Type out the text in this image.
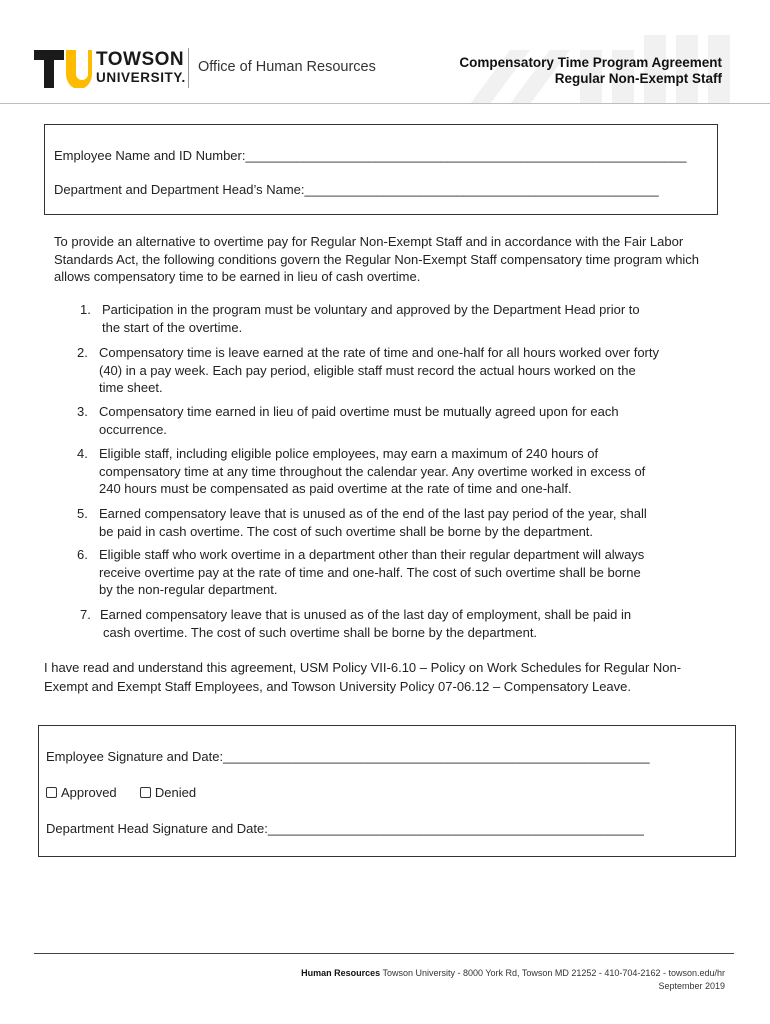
TOWSON
UNIVERSITY.
Office of Human Resources	Compensatory Time Program Agreement
Regular Non-Exempt Staff
Employee Name and ID Number:_____________________________________________________________
Department and Department Head’s Name:_________________________________________________
To provide an alternative to overtime pay for Regular Non-Exempt Staff and in accordance with the Fair Labor Standards Act, the following conditions govern the Regular Non-Exempt Staff compensatory time program which allows compensatory time to be earned in lieu of cash overtime.
1. Participation in the program must be voluntary and approved by the Department Head prior to
the start of the overtime.
2. Compensatory time is leave earned at the rate of time and one-half for all hours worked over forty
(40) in a pay week. Each pay period, eligible staff must record the actual hours worked on the
time sheet.
3. Compensatory time earned in lieu of paid overtime must be mutually agreed upon for each
occurrence.
4. Eligible staff, including eligible police employees, may earn a maximum of 240 hours of
compensatory time at any time throughout the calendar year. Any overtime worked in excess of
240 hours must be compensated as paid overtime at the rate of time and one-half.
5. Earned compensatory leave that is unused as of the end of the last pay period of the year, shall
be paid in cash overtime. The cost of such overtime shall be borne by the department.
6. Eligible staff who work overtime in a department other than their regular department will always
receive overtime pay at the rate of time and one-half. The cost of such overtime shall be borne
by the non-regular department.
7. Earned compensatory leave that is unused as of the last day of employment, shall be paid in
cash overtime. The cost of such overtime shall be borne by the department.
I have read and understand this agreement, USM Policy VII-6.10 – Policy on Work Schedules for Regular Non-Exempt and Exempt Staff Employees, and Towson University Policy 07-06.12 – Compensatory Leave.
Employee Signature and Date:___________________________________________________________
Approved	Denied
Department Head Signature and Date:____________________________________________________
Human Resources Towson University - 8000 York Rd, Towson MD 21252 - 410-704-2162 - towson.edu/hr
September 2019
